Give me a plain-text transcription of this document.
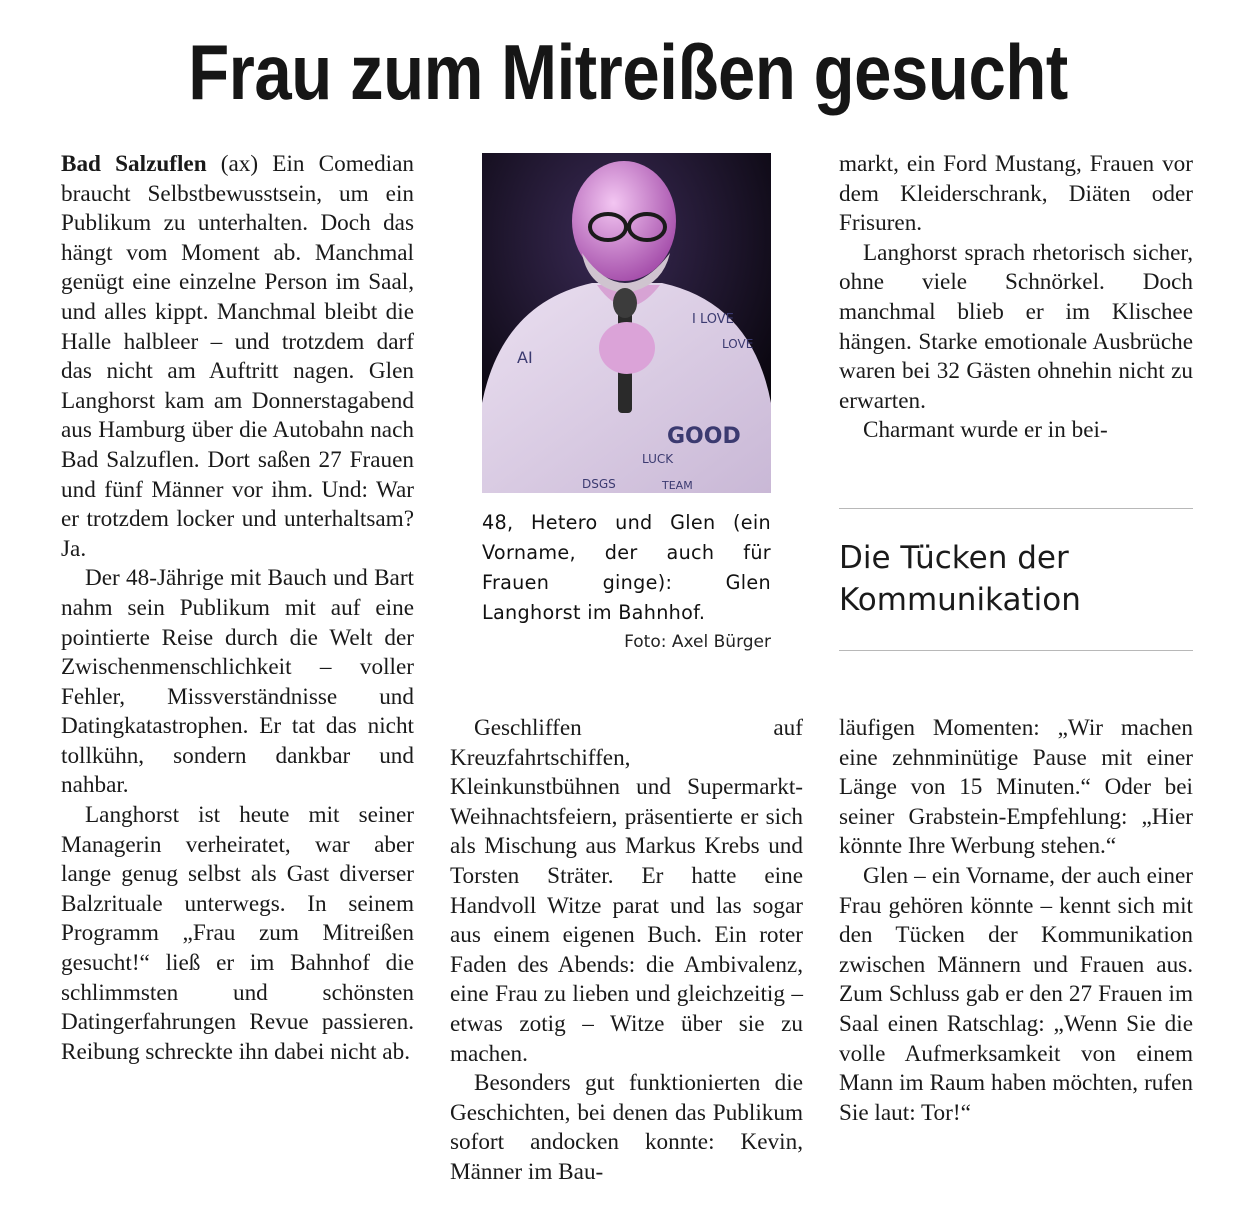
Frau zum Mitreißen gesucht

Bad Salzuflen (ax) Ein Comedian braucht Selbstbewusstsein, um ein Publikum zu unterhalten. Doch das hängt vom Moment ab. Manchmal genügt eine einzelne Person im Saal, und alles kippt. Manchmal bleibt die Halle halbleer – und trotzdem darf das nicht am Auftritt nagen. Glen Langhorst kam am Donnerstagabend aus Hamburg über die Autobahn nach Bad Salzuflen. Dort saßen 27 Frauen und fünf Männer vor ihm. Und: War er trotzdem locker und unterhaltsam? Ja.

Der 48-Jährige mit Bauch und Bart nahm sein Publikum mit auf eine pointierte Reise durch die Welt der Zwischenmenschlichkeit – voller Fehler, Missverständnisse und Datingkatastrophen. Er tat das nicht tollkühn, sondern dankbar und nahbar.

Langhorst ist heute mit seiner Managerin verheiratet, war aber lange genug selbst als Gast diverser Balzrituale unterwegs. In seinem Programm „Frau zum Mitreißen gesucht!“ ließ er im Bahnhof die schlimmsten und schönsten Datingerfahrungen Revue passieren. Reibung schreckte ihn dabei nicht ab.

I LOVE
LOVE
AI
GOOD
LUCK
DSGS	TEAM
48, Hetero und Glen (ein Vorname, der auch für Frauen ginge): Glen Langhorst im Bahnhof.
Foto: Axel Bürger

markt, ein Ford Mustang, Frauen vor dem Kleiderschrank, Diäten oder Frisuren.

Langhorst sprach rhetorisch sicher, ohne viele Schnörkel. Doch manchmal blieb er im Klischee hängen. Starke emotionale Ausbrüche waren bei 32 Gästen ohnehin nicht zu erwarten.

Charmant wurde er in bei-

Die Tücken der Kommunikation

Geschliffen auf Kreuzfahrtschiffen, Kleinkunstbühnen und Supermarkt-Weihnachtsfeiern, präsentierte er sich als Mischung aus Markus Krebs und Torsten Sträter. Er hatte eine Handvoll Witze parat und las sogar aus einem eigenen Buch. Ein roter Faden des Abends: die Ambivalenz, eine Frau zu lieben und gleichzeitig – etwas zotig – Witze über sie zu machen.

Besonders gut funktionierten die Geschichten, bei denen das Publikum sofort andocken konnte: Kevin, Männer im Bau-

läufigen Momenten: „Wir machen eine zehnminütige Pause mit einer Länge von 15 Minuten.“ Oder bei seiner Grabstein-Empfehlung: „Hier könnte Ihre Werbung stehen.“

Glen – ein Vorname, der auch einer Frau gehören könnte – kennt sich mit den Tücken der Kommunikation zwischen Männern und Frauen aus. Zum Schluss gab er den 27 Frauen im Saal einen Ratschlag: „Wenn Sie die volle Aufmerksamkeit von einem Mann im Raum haben möchten, rufen Sie laut: Tor!“
